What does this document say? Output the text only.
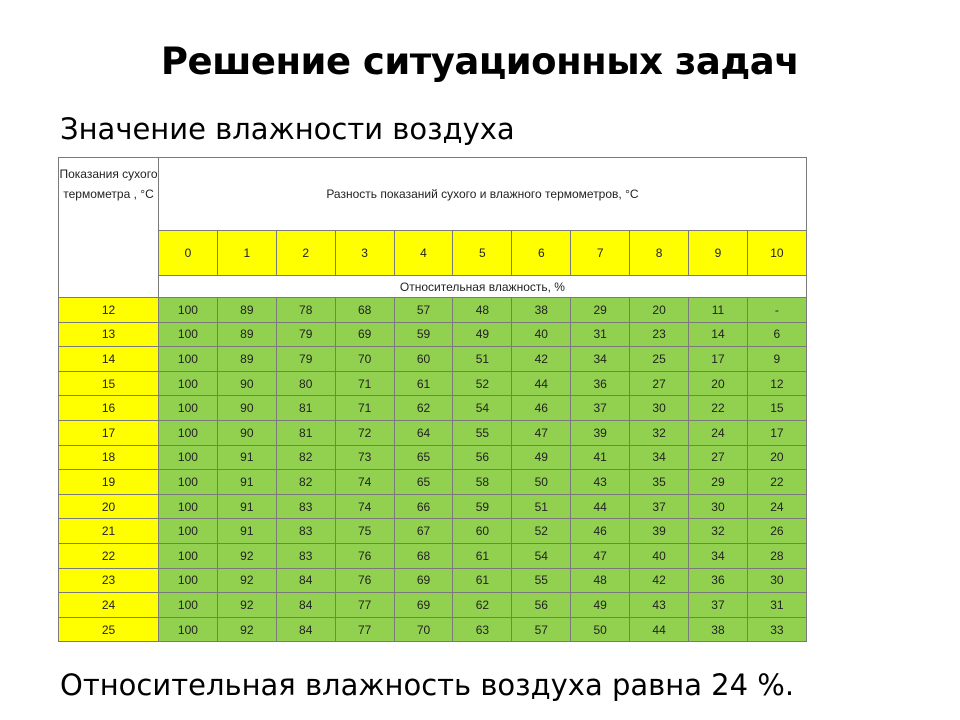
Решение ситуационных задач

Значение влажности воздуха

Показания сухого термометра , °С	Разность показаний сухого и влажного термометров, °С										
	0	1	2	3	4	5	6	7	8	9	10
	Относительная влажность, %										
12	100	89	78	68	57	48	38	29	20	11	-
13	100	89	79	69	59	49	40	31	23	14	6
14	100	89	79	70	60	51	42	34	25	17	9
15	100	90	80	71	61	52	44	36	27	20	12
16	100	90	81	71	62	54	46	37	30	22	15
17	100	90	81	72	64	55	47	39	32	24	17
18	100	91	82	73	65	56	49	41	34	27	20
19	100	91	82	74	65	58	50	43	35	29	22
20	100	91	83	74	66	59	51	44	37	30	24
21	100	91	83	75	67	60	52	46	39	32	26
22	100	92	83	76	68	61	54	47	40	34	28
23	100	92	84	76	69	61	55	48	42	36	30
24	100	92	84	77	69	62	56	49	43	37	31
25	100	92	84	77	70	63	57	50	44	38	33

Относительная влажность воздуха равна 24 %.
